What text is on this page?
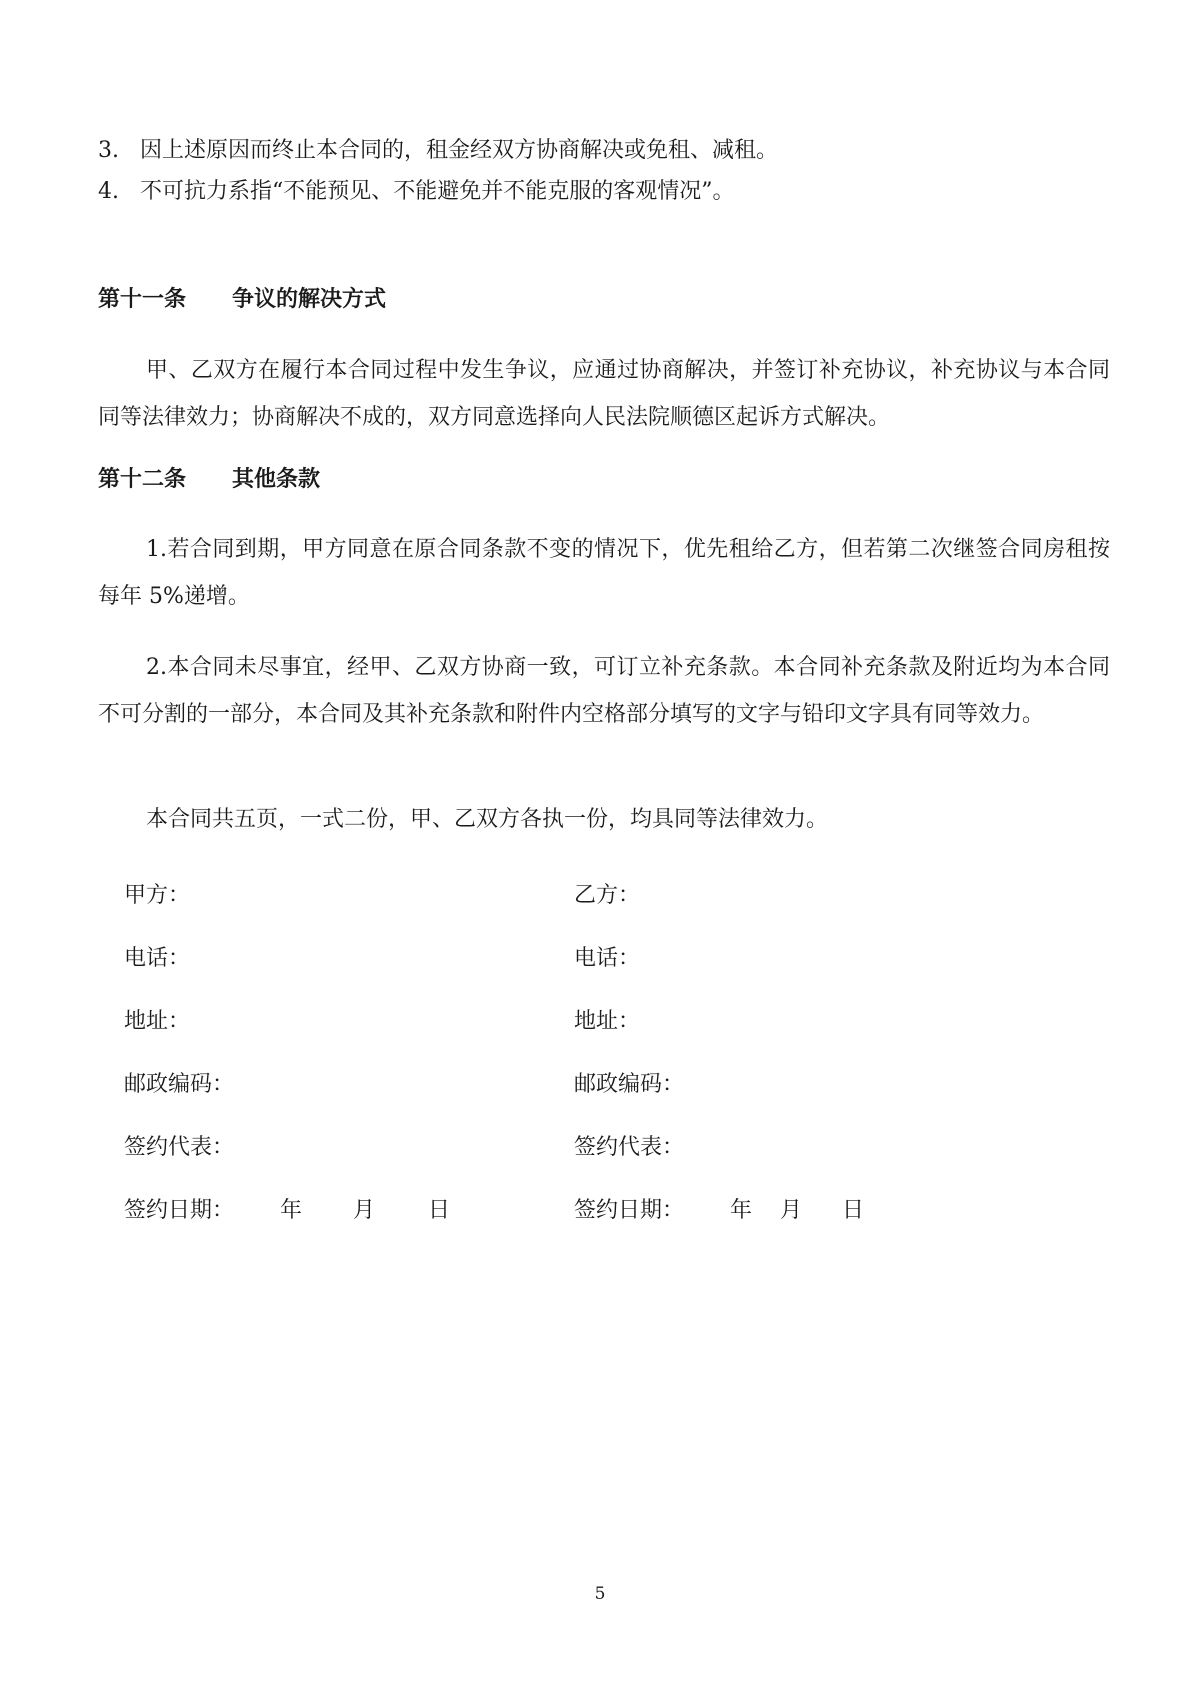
3. 因上述原因而终止本合同的，租金经双方协商解决或免租、减租。
4. 不可抗力系指“不能预见、不能避免并不能克服的客观情况”。
第十一条 争议的解决方式

甲、乙双方在履行本合同过程中发生争议，应通过协商解决，并签订补充协议，补充协议与本合同同等法律效力；协商解决不成的，双方同意选择向人民法院顺德区起诉方式解决。

第十二条 其他条款

1.若合同到期，甲方同意在原合同条款不变的情况下，优先租给乙方，但若第二次继签合同房租按每年 5%递增。

2.本合同未尽事宜，经甲、乙双方协商一致，可订立补充条款。本合同补充条款及附近均为本合同不可分割的一部分，本合同及其补充条款和附件内空格部分填写的文字与铅印文字具有同等效力。

本合同共五页，一式二份，甲、乙双方各执一份，均具同等法律效力。

甲方：
电话：
地址：
邮政编码：
签约代表：
签约日期： 年 月 日
乙方：
电话：
地址：
邮政编码：
签约代表：
签约日期： 年 月 日
5
